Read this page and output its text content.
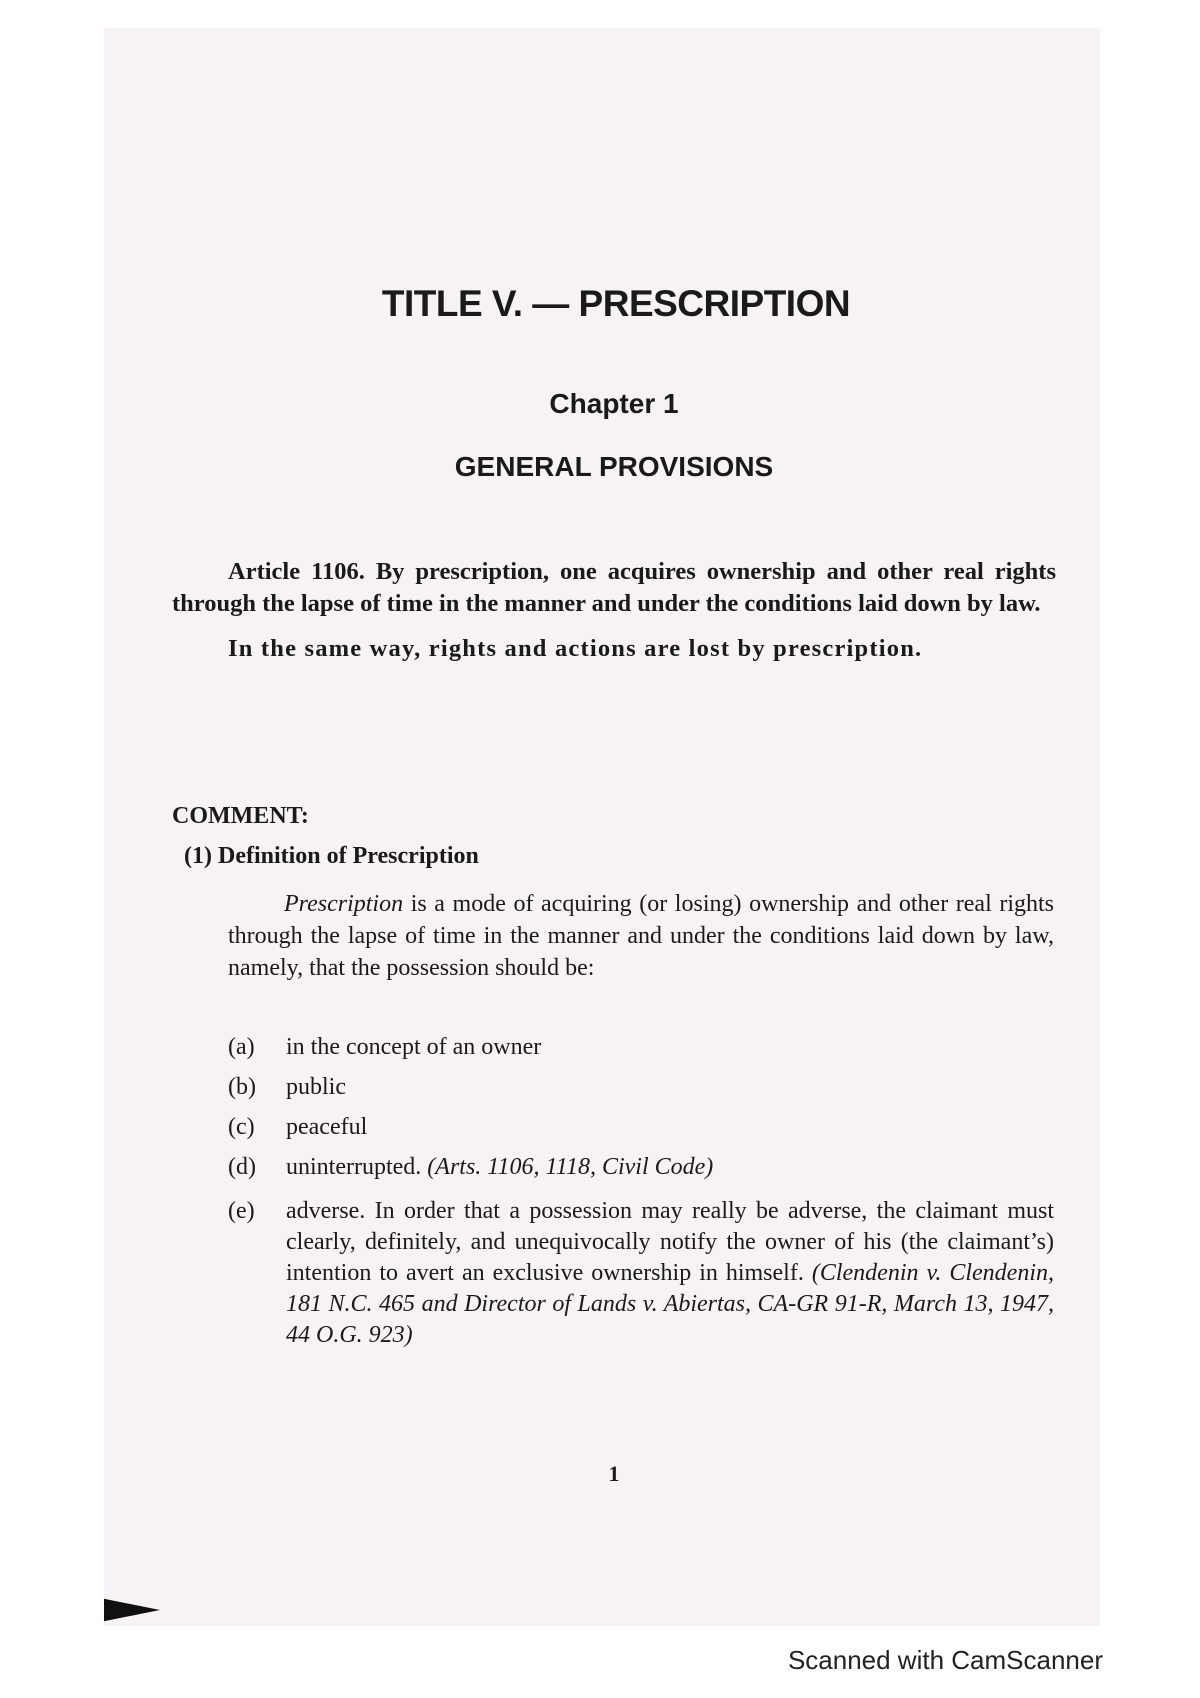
TITLE V. — PRESCRIPTION
Chapter 1
GENERAL PROVISIONS

Article 1106. By prescription, one acquires ownership and other real rights through the lapse of time in the manner and under the conditions laid down by law.

In the same way, rights and actions are lost by prescription.

COMMENT:
(1) Definition of Prescription

Prescription is a mode of acquiring (or losing) ownership and other real rights through the lapse of time in the manner and under the conditions laid down by law, namely, that the possession should be:

(a) in the concept of an owner
(b) public
(c) peaceful
(d) uninterrupted. (Arts. 1106, 1118, Civil Code)
(e) adverse. In order that a possession may really be adverse, the claimant must clearly, definitely, and unequivocally notify the owner of his (the claimant’s) intention to avert an exclusive ownership in himself. (Clendenin v. Clendenin, 181 N.C. 465 and Director of Lands v. Abiertas, CA-GR 91-R, March 13, 1947, 44 O.G. 923)
1
Scanned with CamScanner
